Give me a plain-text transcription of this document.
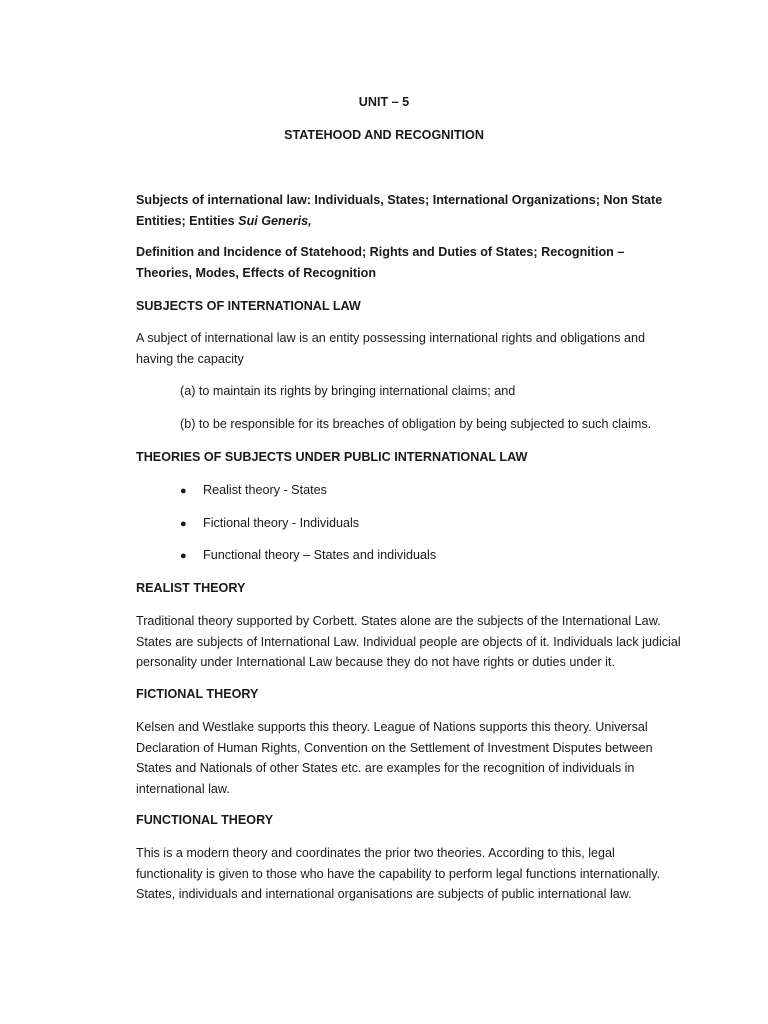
UNIT – 5

STATEHOOD AND RECOGNITION

Subjects of international law: Individuals, States; International Organizations; Non State Entities; Entities Sui Generis,

Definition and Incidence of Statehood; Rights and Duties of States; Recognition – Theories, Modes, Effects of Recognition

SUBJECTS OF INTERNATIONAL LAW

A subject of international law is an entity possessing international rights and obligations and having the capacity

(a) to maintain its rights by bringing international claims; and

(b) to be responsible for its breaches of obligation by being subjected to such claims.

THEORIES OF SUBJECTS UNDER PUBLIC INTERNATIONAL LAW

● Realist theory - States
● Fictional theory - Individuals
● Functional theory – States and individuals

REALIST THEORY

Traditional theory supported by Corbett. States alone are the subjects of the International Law. States are subjects of International Law. Individual people are objects of it. Individuals lack judicial personality under International Law because they do not have rights or duties under it.

FICTIONAL THEORY

Kelsen and Westlake supports this theory. League of Nations supports this theory. Universal Declaration of Human Rights, Convention on the Settlement of Investment Disputes between States and Nationals of other States etc. are examples for the recognition of individuals in international law.

FUNCTIONAL THEORY

This is a modern theory and coordinates the prior two theories. According to this, legal functionality is given to those who have the capability to perform legal functions internationally. States, individuals and international organisations are subjects of public international law.
